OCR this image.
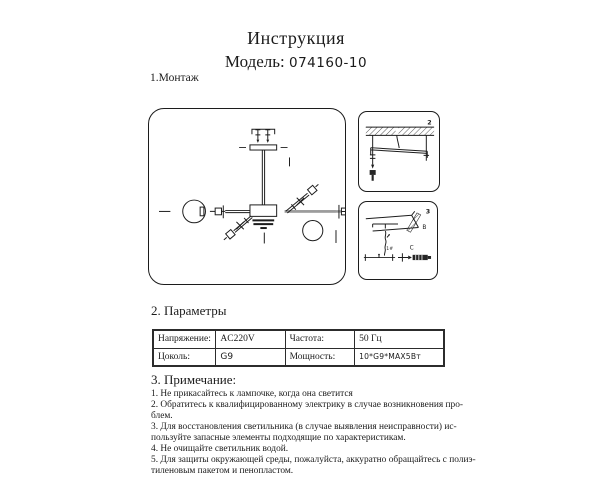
Инструкция
Модель: 074160-10
1.Монтаж
2
3
1#
B
C
2. Параметры
Напряжение:	AC220V	Частота:	50 Гц
Цоколь:	G9	Мощность:	10*G9*MAX5Вт
3. Примечание:
1. Не прикасайтесь к лампочке, когда она светится
2. Обратитесь к квалифицированному электрику в случае возникновения про-
блем.
3. Для восстановления светильника (в случае выявления неисправности) ис-
пользуйте запасные элементы подходящие по характеристикам.
4. Не очищайте светильник водой.
5. Для защиты окружающей среды, пожалуйста, аккуратно обращайтесь с полиэ-
тиленовым пакетом и пенопластом.
